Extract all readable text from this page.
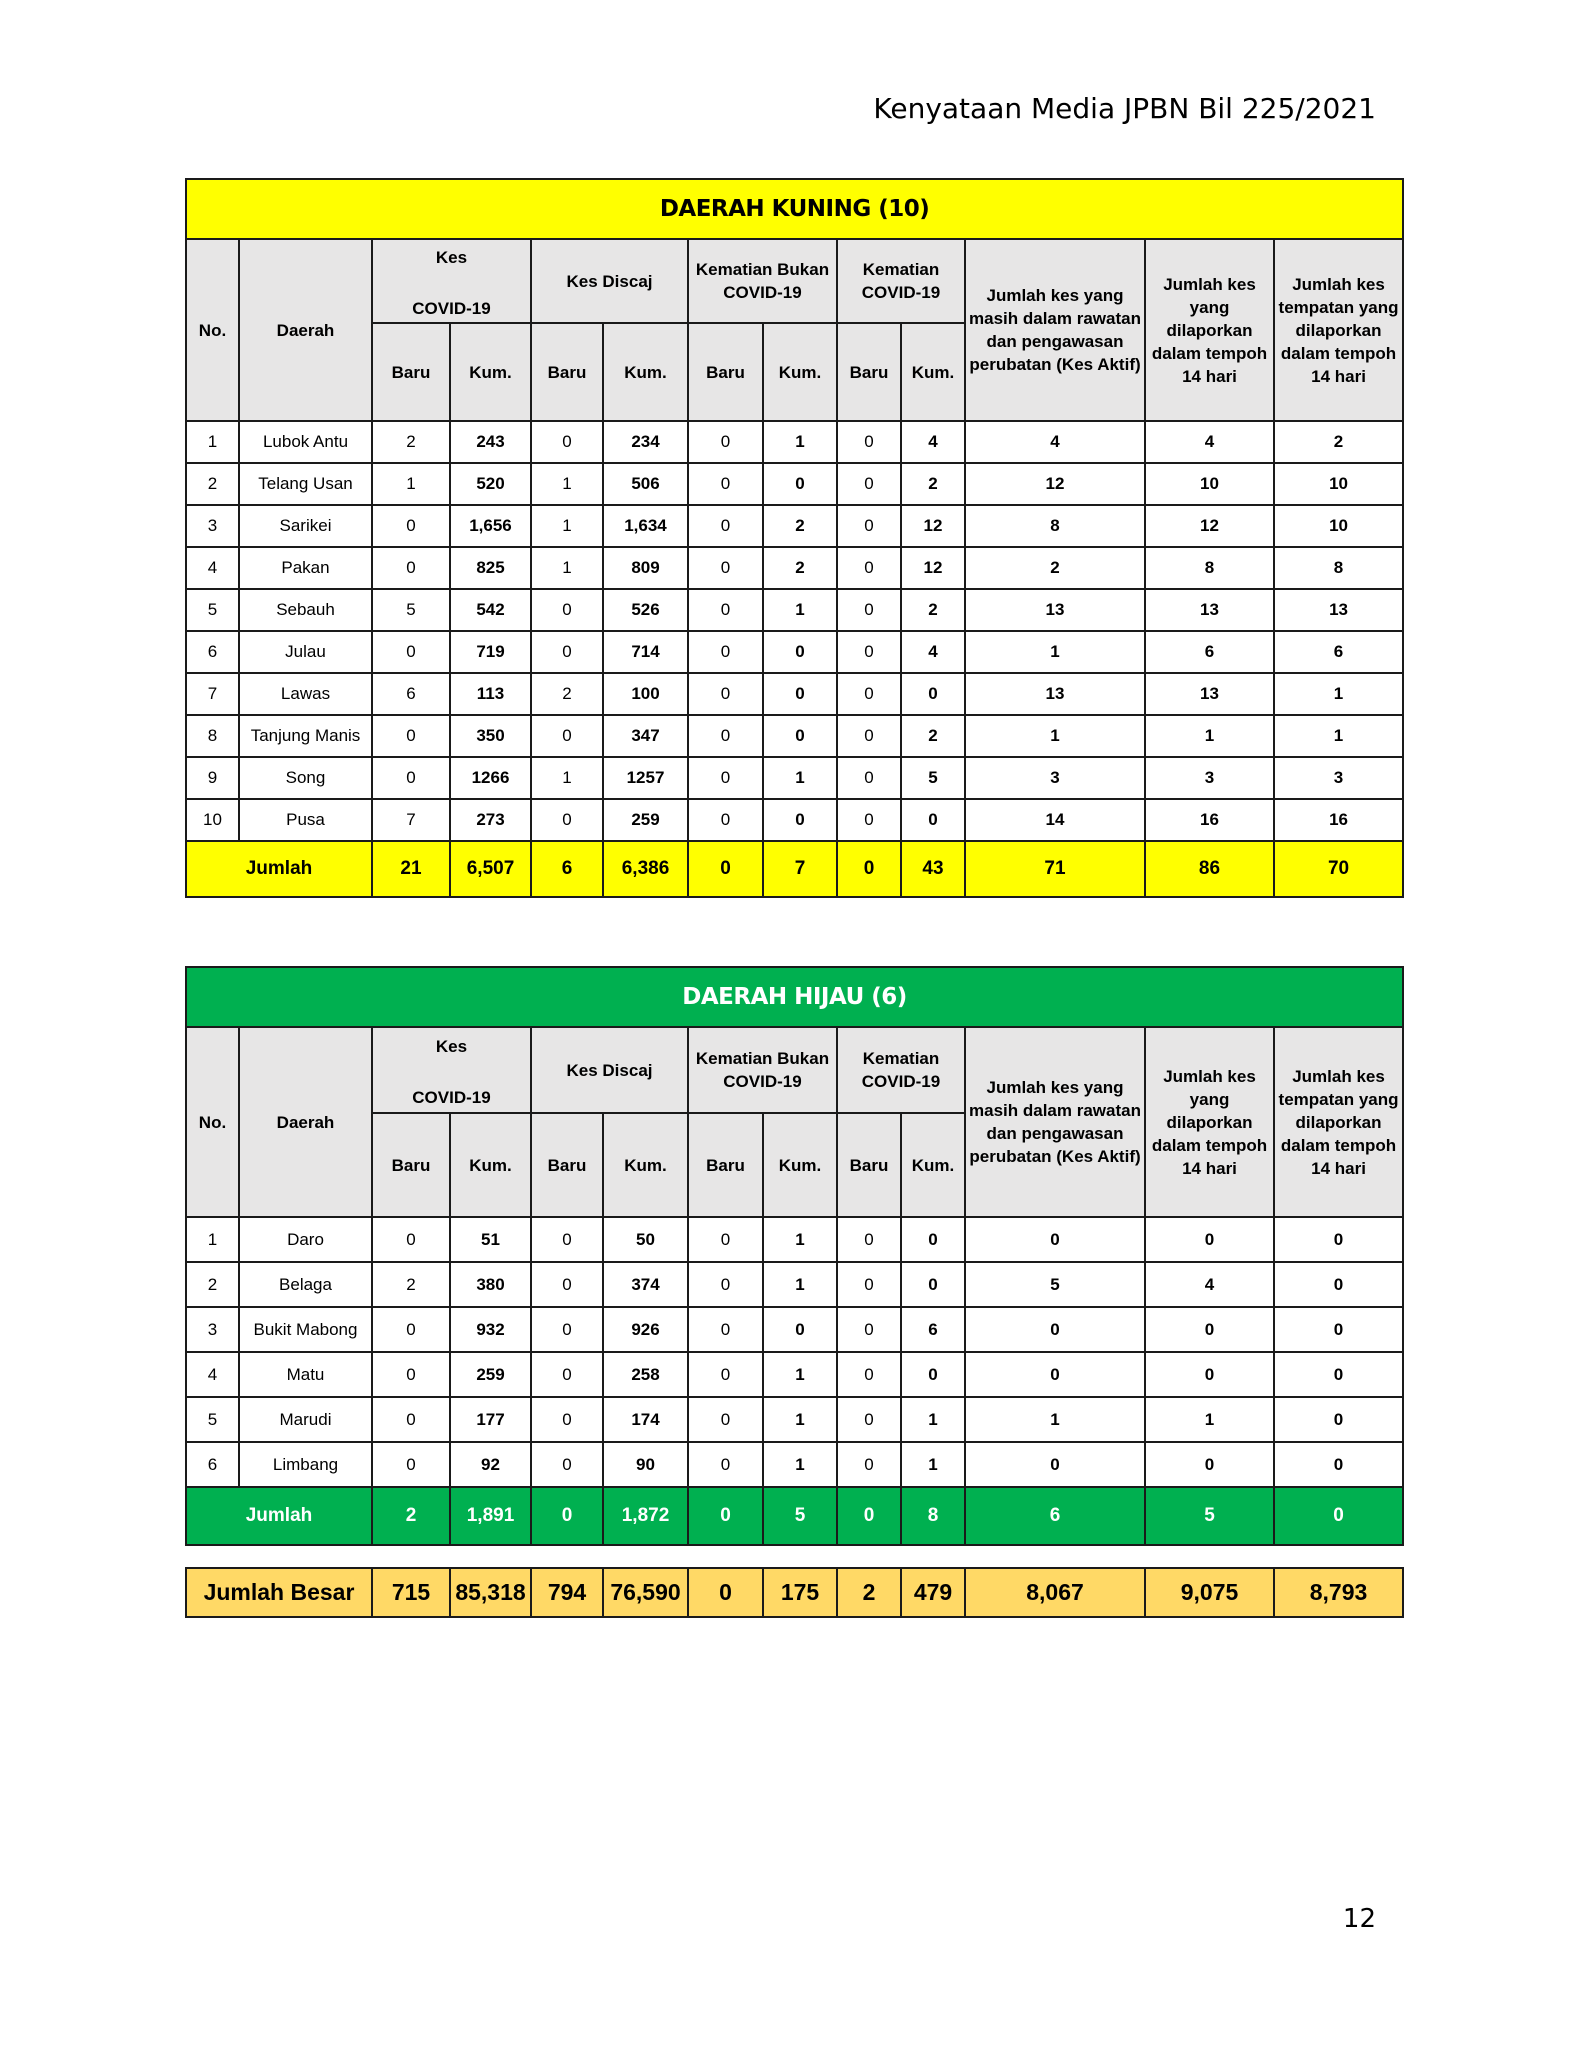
Kenyataan Media JPBN Bil 225/2021
DAERAH KUNING (10)												
No.	Daerah	Kes
COVID-19		Kes Discaj		Kematian Bukan COVID-19		Kematian COVID-19		Jumlah kes yang masih dalam rawatan dan pengawasan perubatan (Kes Aktif)	Jumlah kes yang dilaporkan dalam tempoh 14 hari	Jumlah kes tempatan yang dilaporkan dalam tempoh 14 hari
		Baru	Kum.	Baru	Kum.	Baru	Kum.	Baru	Kum.			
1	Lubok Antu	2	243	0	234	0	1	0	4	4	4	2
2	Telang Usan	1	520	1	506	0	0	0	2	12	10	10
3	Sarikei	0	1,656	1	1,634	0	2	0	12	8	12	10
4	Pakan	0	825	1	809	0	2	0	12	2	8	8
5	Sebauh	5	542	0	526	0	1	0	2	13	13	13
6	Julau	0	719	0	714	0	0	0	4	1	6	6
7	Lawas	6	113	2	100	0	0	0	0	13	13	1
8	Tanjung Manis	0	350	0	347	0	0	0	2	1	1	1
9	Song	0	1266	1	1257	0	1	0	5	3	3	3
10	Pusa	7	273	0	259	0	0	0	0	14	16	16
Jumlah		21	6,507	6	6,386	0	7	0	43	71	86	70
DAERAH HIJAU (6)												
No.	Daerah	Kes
COVID-19		Kes Discaj		Kematian Bukan COVID-19		Kematian COVID-19		Jumlah kes yang masih dalam rawatan dan pengawasan perubatan (Kes Aktif)	Jumlah kes yang dilaporkan dalam tempoh 14 hari	Jumlah kes tempatan yang dilaporkan dalam tempoh 14 hari
		Baru	Kum.	Baru	Kum.	Baru	Kum.	Baru	Kum.			
1	Daro	0	51	0	50	0	1	0	0	0	0	0
2	Belaga	2	380	0	374	0	1	0	0	5	4	0
3	Bukit Mabong	0	932	0	926	0	0	0	6	0	0	0
4	Matu	0	259	0	258	0	1	0	0	0	0	0
5	Marudi	0	177	0	174	0	1	0	1	1	1	0
6	Limbang	0	92	0	90	0	1	0	1	0	0	0
Jumlah		2	1,891	0	1,872	0	5	0	8	6	5	0
Jumlah Besar	715	85,318	794	76,590	0	175	2	479	8,067	9,075	8,793
12
